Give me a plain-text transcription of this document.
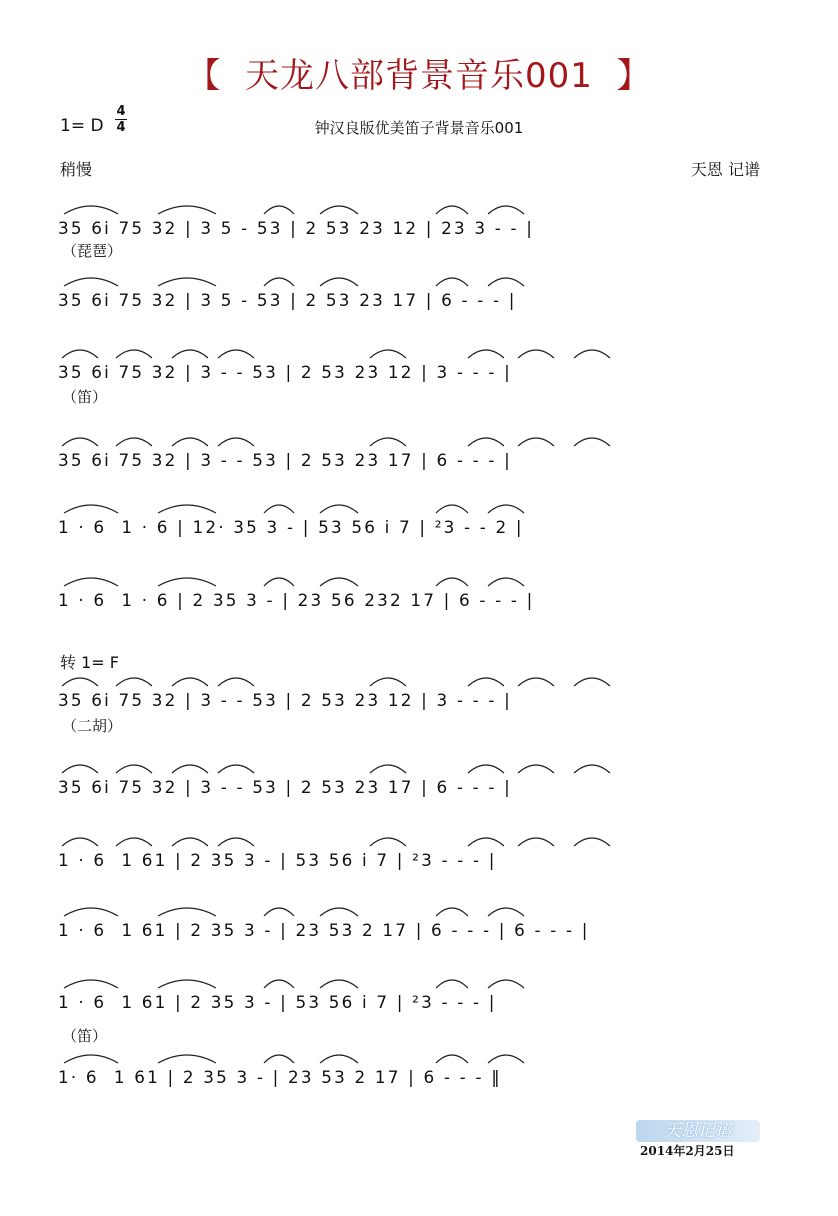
【  天龙八部背景音乐001  】
1= D
4
4	钟汉良版优美笛子背景音乐001
稍慢	天恩 记谱
转 1= F
35 6i 75 32 | 3 5 - 53 | 2 53 23 12 | 23 3 - - |
（琵琶）
35 6i 75 32 | 3 5 - 53 | 2 53 23 17 | 6 - - - |
35 6i 75 32 | 3 - - 53 | 2 53 23 12 | 3 - - - |
（笛）
35 6i 75 32 | 3 - - 53 | 2 53 23 17 | 6 - - - |
1 · 6  1 · 6 | 12· 35 3 - | 53 56 i 7 | ²3 - - 2 |
1 · 6  1 · 6 | 2 35 3 - | 23 56 232 17 | 6 - - - |
35 6i 75 32 | 3 - - 53 | 2 53 23 12 | 3 - - - |
（二胡）
35 6i 75 32 | 3 - - 53 | 2 53 23 17 | 6 - - - |
1 · 6  1 61 | 2 35 3 - | 53 56 i 7 | ²3 - - - |
1 · 6  1 61 | 2 35 3 - | 23 53 2 17 | 6 - - - | 6 - - - |
1 · 6  1 61 | 2 35 3 - | 53 56 i 7 | ²3 - - - |
（笛）
1· 6  1 61 | 2 35 3 - | 23 53 2 17 | 6 - - - ‖
天恩记谱
2014年2月25日
